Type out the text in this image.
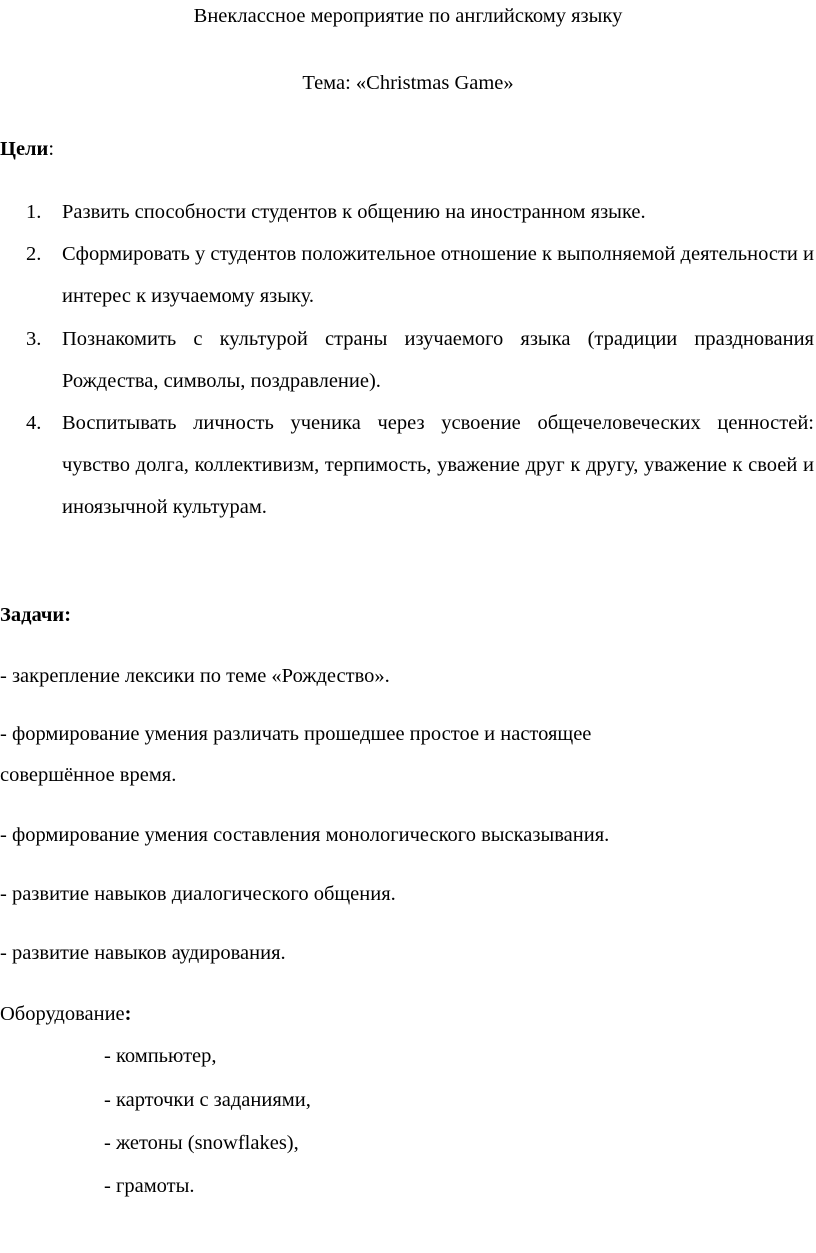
Внеклассное мероприятие по английскому языку
Тема: «Christmas Game»
Цели:
1. Развить способности студентов к общению на иностранном языке.
2. Сформировать у студентов положительное отношение к выполняемой деятельности и интерес к изучаемому языку.
3. Познакомить с культурой страны изучаемого языка (традиции празднования Рождества, символы, поздравление).
4. Воспитывать личность ученика через усвоение общечеловеческих ценностей: чувство долга, коллективизм, терпимость, уважение друг к другу, уважение к своей и иноязычной культурам.
Задачи:
- закрепление лексики по теме «Рождество».
- формирование умения различать прошедшее простое и настоящее
совершённое время.
- формирование умения составления монологического высказывания.
- развитие навыков диалогического общения.
- развитие навыков аудирования.
Оборудование:
- компьютер,
- карточки с заданиями,
- жетоны (snowflakes),
- грамоты.
